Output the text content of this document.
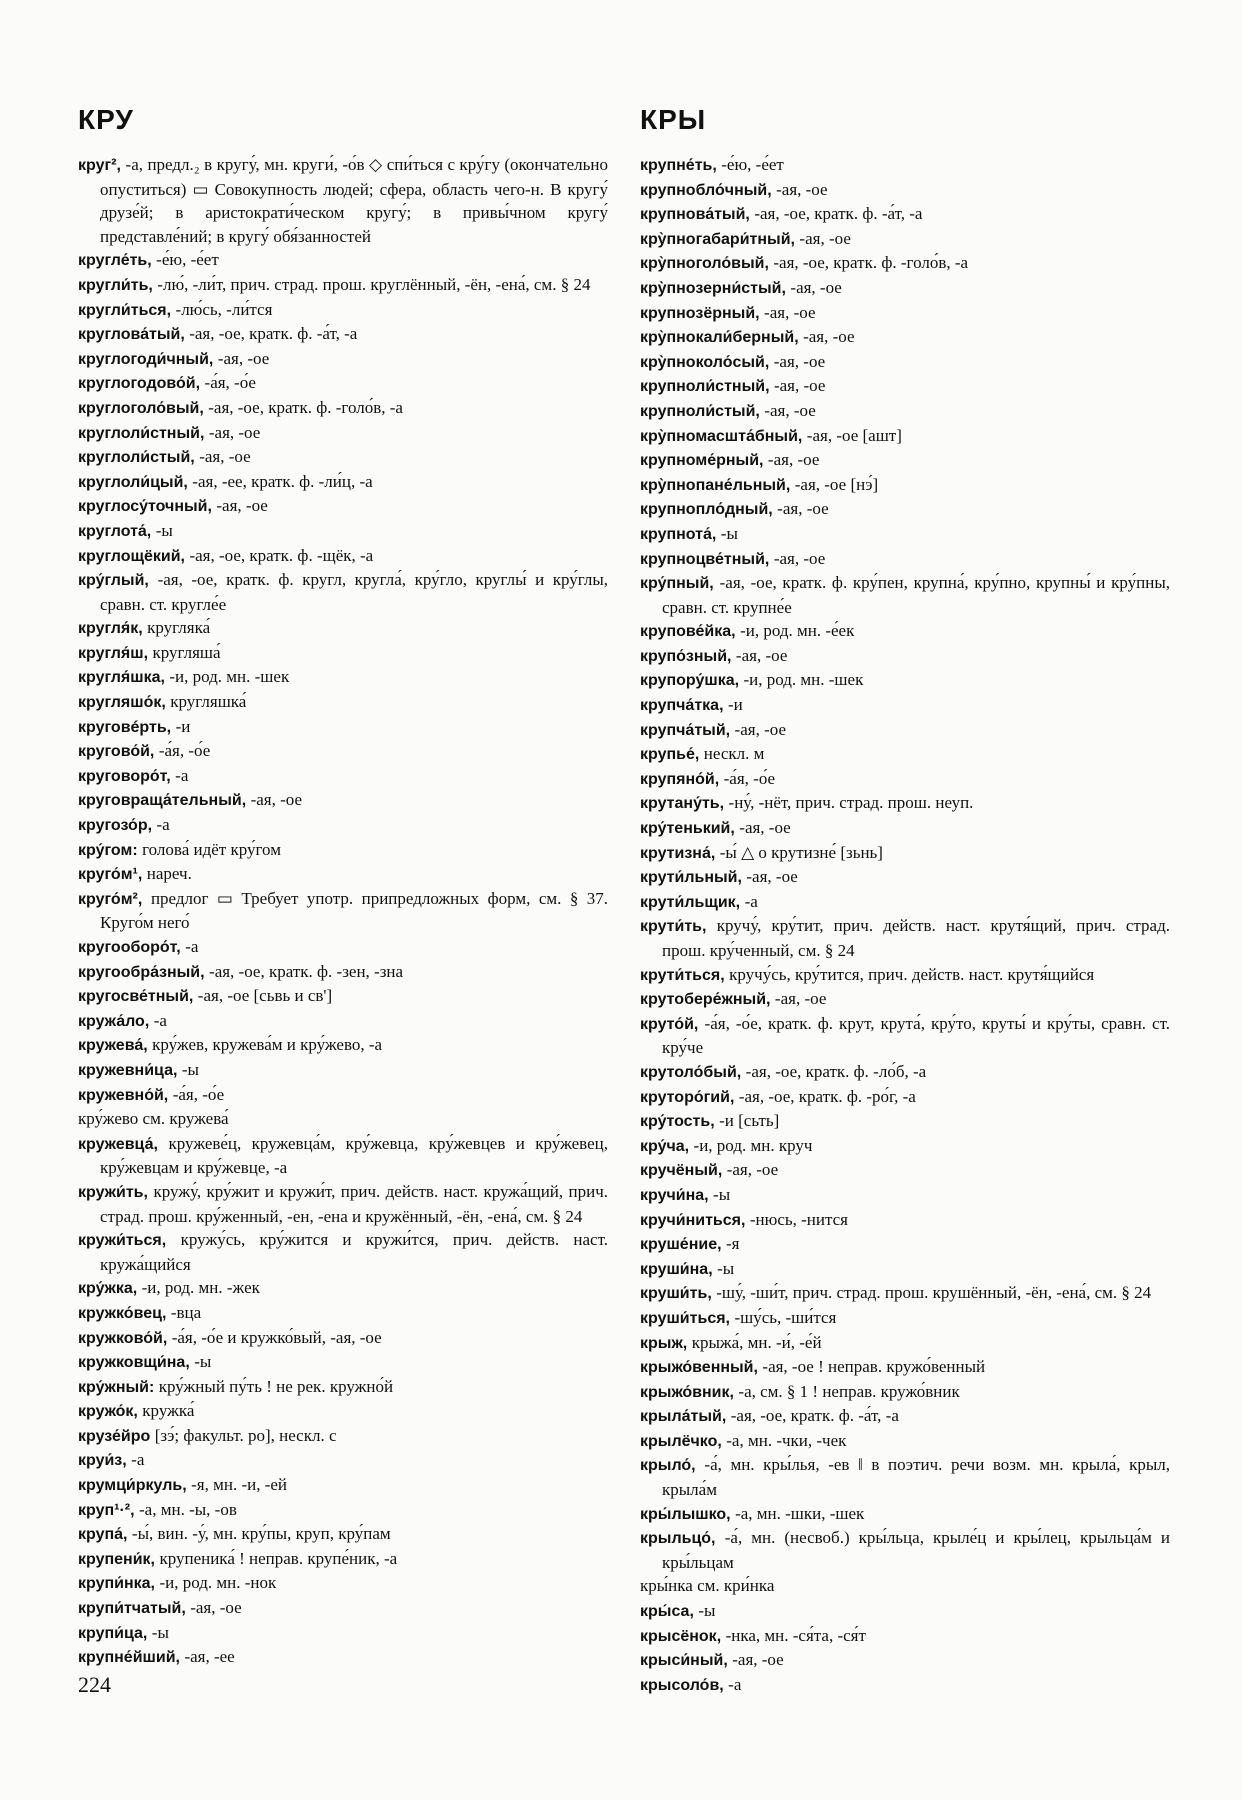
КРУ	КРЫ
круг², -а, предл.₂ в кругу́, мн. круги́, -о́в ◇ спи́ться с кру́гу (окончательно опуститься) ▭ Совокупность людей; сфера, область чего-н. В кругу́ друзе́й; в аристократи́ческом кругу́; в привы́чном кругу́ представле́ний; в кругу́ обя́занностей
кругле́ть, -е́ю, -е́ет
кругли́ть, -лю́, -ли́т, прич. страд. прош. круглённый, -ён, -ена́, см. § 24
кругли́ться, -лю́сь, -ли́тся
круглова́тый, -ая, -ое, кратк. ф. -а́т, -а
круглогоди́чный, -ая, -ое
круглогодово́й, -а́я, -о́е
круглоголо́вый, -ая, -ое, кратк. ф. -голо́в, -а
круглоли́стный, -ая, -ое
круглоли́стый, -ая, -ое
круглоли́цый, -ая, -ее, кратк. ф. -ли́ц, -а
круглосу́точный, -ая, -ое
круглота́, -ы
круглощёкий, -ая, -ое, кратк. ф. -щёк, -а
кру́глый, -ая, -ое, кратк. ф. кругл, кругла́, кру́гло, круглы́ и кру́глы, сравн. ст. кругле́е
кругля́к, кругляка́
кругля́ш, кругляша́
кругля́шка, -и, род. мн. -шек
кругляшо́к, кругляшка́
круговéрть, -и
кругово́й, -а́я, -о́е
круговоро́т, -а
круговраща́тельный, -ая, -ое
кругозо́р, -а
кру́гом: голова́ идёт кру́гом
круго́м¹, нареч.
круго́м², предлог ▭ Требует употр. припредложных форм, см. § 37. Круго́м него́
кругооборо́т, -а
кругообра́зный, -ая, -ое, кратк. ф. -зен, -зна
кругосве́тный, -ая, -ое [сьвь и св']
кружа́ло, -а
кружева́, кру́жев, кружева́м и кру́жево, -а
кружевни́ца, -ы
кружевно́й, -а́я, -о́е
кру́жево см. кружева́
кружевца́, кружеве́ц, кружевца́м, кру́жевца, кру́жевцев и кру́жевец, кру́жевцам и кру́жевце, -а
кружи́ть, кружу́, кру́жит и кружи́т, прич. действ. наст. кружа́щий, прич. страд. прош. кру́женный, -ен, -ена и кружённый, -ён, -ена́, см. § 24
кружи́ться, кружу́сь, кру́жится и кружи́тся, прич. действ. наст. кружа́щийся
кру́жка, -и, род. мн. -жек
кружко́вец, -вца
кружково́й, -а́я, -о́е и кружко́вый, -ая, -ое
кружковщи́на, -ы
кру́жный: кру́жный пу́ть ! не рек. кружно́й
кружо́к, кружка́
крузе́йро [зэ́; факульт. ро], нескл. с
круи́з, -а
крумци́ркуль, -я, мн. -и, -ей
круп¹·², -а, мн. -ы, -ов
крупа́, -ы́, вин. -у́, мн. кру́пы, круп, кру́пам
крупени́к, крупеника́ ! неправ. крупе́ник, -а
крупи́нка, -и, род. мн. -нок
крупи́тчатый, -ая, -ое
крупи́ца, -ы
крупне́йший, -ая, -ее
крупне́ть, -е́ю, -е́ет
крупнобло́чный, -ая, -ое
крупнова́тый, -ая, -ое, кратк. ф. -а́т, -а
кру̀пногабари́тный, -ая, -ое
кру̀пноголо́вый, -ая, -ое, кратк. ф. -голо́в, -а
кру̀пнозерни́стый, -ая, -ое
крупнозёрный, -ая, -ое
кру̀пнокали́берный, -ая, -ое
кру̀пноколо́сый, -ая, -ое
крупноли́стный, -ая, -ое
крупноли́стый, -ая, -ое
кру̀пномасшта́бный, -ая, -ое [ашт]
крупноме́рный, -ая, -ое
кру̀пнопане́льный, -ая, -ое [нэ́]
крупнопло́дный, -ая, -ое
крупнота́, -ы
крупноцве́тный, -ая, -ое
кру́пный, -ая, -ое, кратк. ф. кру́пен, крупна́, кру́пно, крупны́ и кру́пны, сравн. ст. крупне́е
крупове́йка, -и, род. мн. -е́ек
крупо́зный, -ая, -ое
крупору́шка, -и, род. мн. -шек
крупча́тка, -и
крупча́тый, -ая, -ое
крупье́, нескл. м
крупяно́й, -а́я, -о́е
крутану́ть, -ну́, -нёт, прич. страд. прош. неуп.
кру́тенький, -ая, -ое
крутизна́, -ы́ △ о крутизне́ [зьнь]
крути́льный, -ая, -ое
крути́льщик, -а
крути́ть, кручу́, кру́тит, прич. действ. наст. крутя́щий, прич. страд. прош. кру́ченный, см. § 24
крути́ться, кручу́сь, кру́тится, прич. действ. наст. крутя́щийся
крутобере́жный, -ая, -ое
круто́й, -а́я, -о́е, кратк. ф. крут, крута́, кру́то, круты́ и кру́ты, сравн. ст. кру́че
крутоло́бый, -ая, -ое, кратк. ф. -ло́б, -а
круторо́гий, -ая, -ое, кратк. ф. -ро́г, -а
кру́тость, -и [сьть]
кру́ча, -и, род. мн. круч
кручёный, -ая, -ое
кручи́на, -ы
кручи́ниться, -нюсь, -нится
круше́ние, -я
круши́на, -ы
круши́ть, -шу́, -ши́т, прич. страд. прош. крушённый, -ён, -ена́, см. § 24
круши́ться, -шу́сь, -ши́тся
крыж, крыжа́, мн. -и́, -е́й
крыжо́венный, -ая, -ое ! неправ. кружо́венный
крыжо́вник, -а, см. § 1 ! неправ. кружо́вник
крыла́тый, -ая, -ое, кратк. ф. -а́т, -а
крылёчко, -а, мн. -чки, -чек
крыло́, -а́, мн. кры́лья, -ев ‖ в поэтич. речи возм. мн. крыла́, крыл, крыла́м
кры́лышко, -а, мн. -шки, -шек
крыльцо́, -а́, мн. (несвоб.) кры́льца, крыле́ц и кры́лец, крыльца́м и кры́льцам
кры́нка см. кри́нка
кры́са, -ы
крысёнок, -нка, мн. -ся́та, -ся́т
крыси́ный, -ая, -ое
крысоло́в, -а
224
